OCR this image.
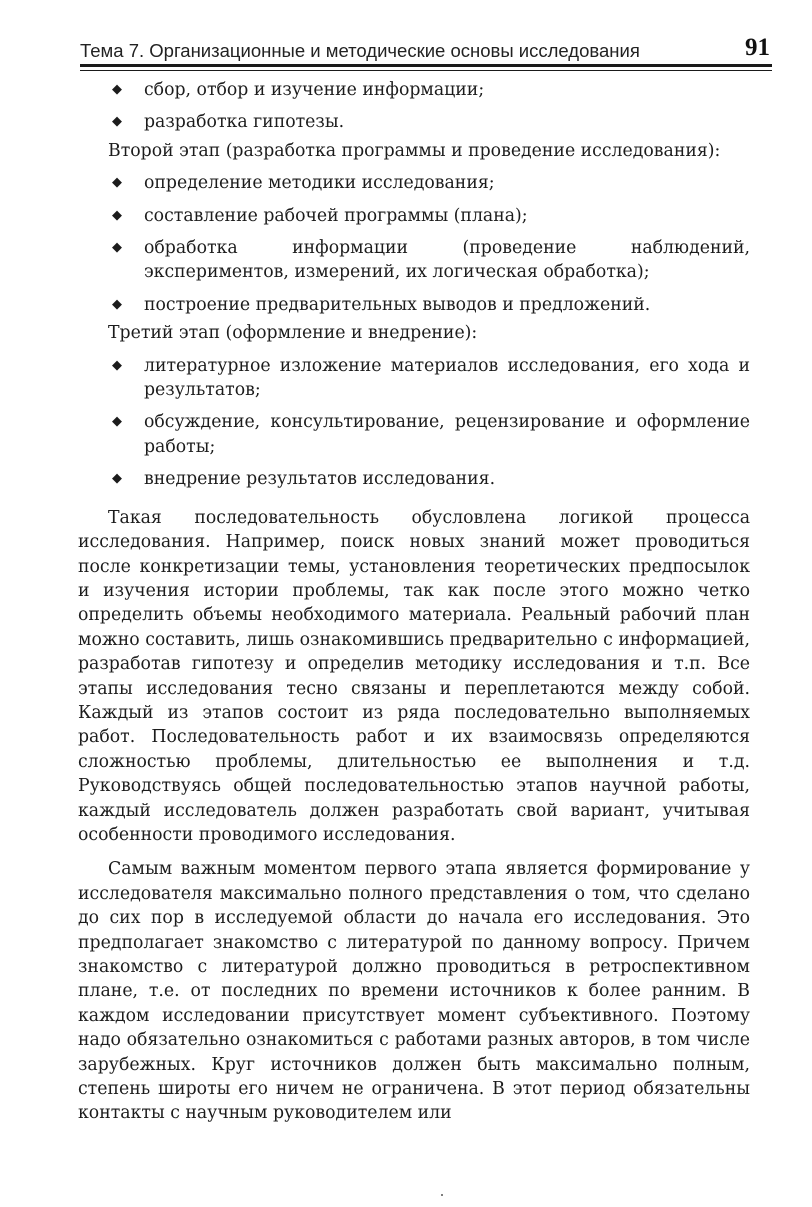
Тема 7. Организационные и методические основы исследования	91
◆ сбор, отбор и изучение информации;
◆ разработка гипотезы.
Второй этап (разработка программы и проведение исследования):
◆ определение методики исследования;
◆ составление рабочей программы (плана);
◆ обработка информации (проведение наблюдений, экспериментов, измерений, их логическая обработка);
◆ построение предварительных выводов и предложений.
Третий этап (оформление и внедрение):
◆ литературное изложение материалов исследования, его хода и результатов;
◆ обсуждение, консультирование, рецензирование и оформление работы;
◆ внедрение результатов исследования.

Такая последовательность обусловлена логикой процесса исследования. Например, поиск новых знаний может проводиться после конкретизации темы, установления теоретических предпосылок и изучения истории проблемы, так как после этого можно четко определить объемы необходимого материала. Реальный рабочий план можно составить, лишь ознакомившись предварительно с информацией, разработав гипотезу и определив методику исследования и т.п. Все этапы исследования тесно связаны и переплетаются между собой. Каждый из этапов состоит из ряда последовательно выполняемых работ. Последовательность работ и их взаимосвязь определяются сложностью проблемы, длительностью ее выполнения и т.д. Руководствуясь общей последовательностью этапов научной работы, каждый исследователь должен разработать свой вариант, учитывая особенности проводимого исследования.

Самым важным моментом первого этапа является формирование у исследователя максимально полного представления о том, что сделано до сих пор в исследуемой области до начала его исследования. Это предполагает знакомство с литературой по данному вопросу. Причем знакомство с литературой должно проводиться в ретроспективном плане, т.е. от последних по времени источников к более ранним. В каждом исследовании присутствует момент субъективного. Поэтому надо обязательно ознакомиться с работами разных авторов, в том числе зарубежных. Круг источников должен быть максимально полным, степень широты его ничем не ограничена. В этот период обязательны контакты с научным руководителем или
